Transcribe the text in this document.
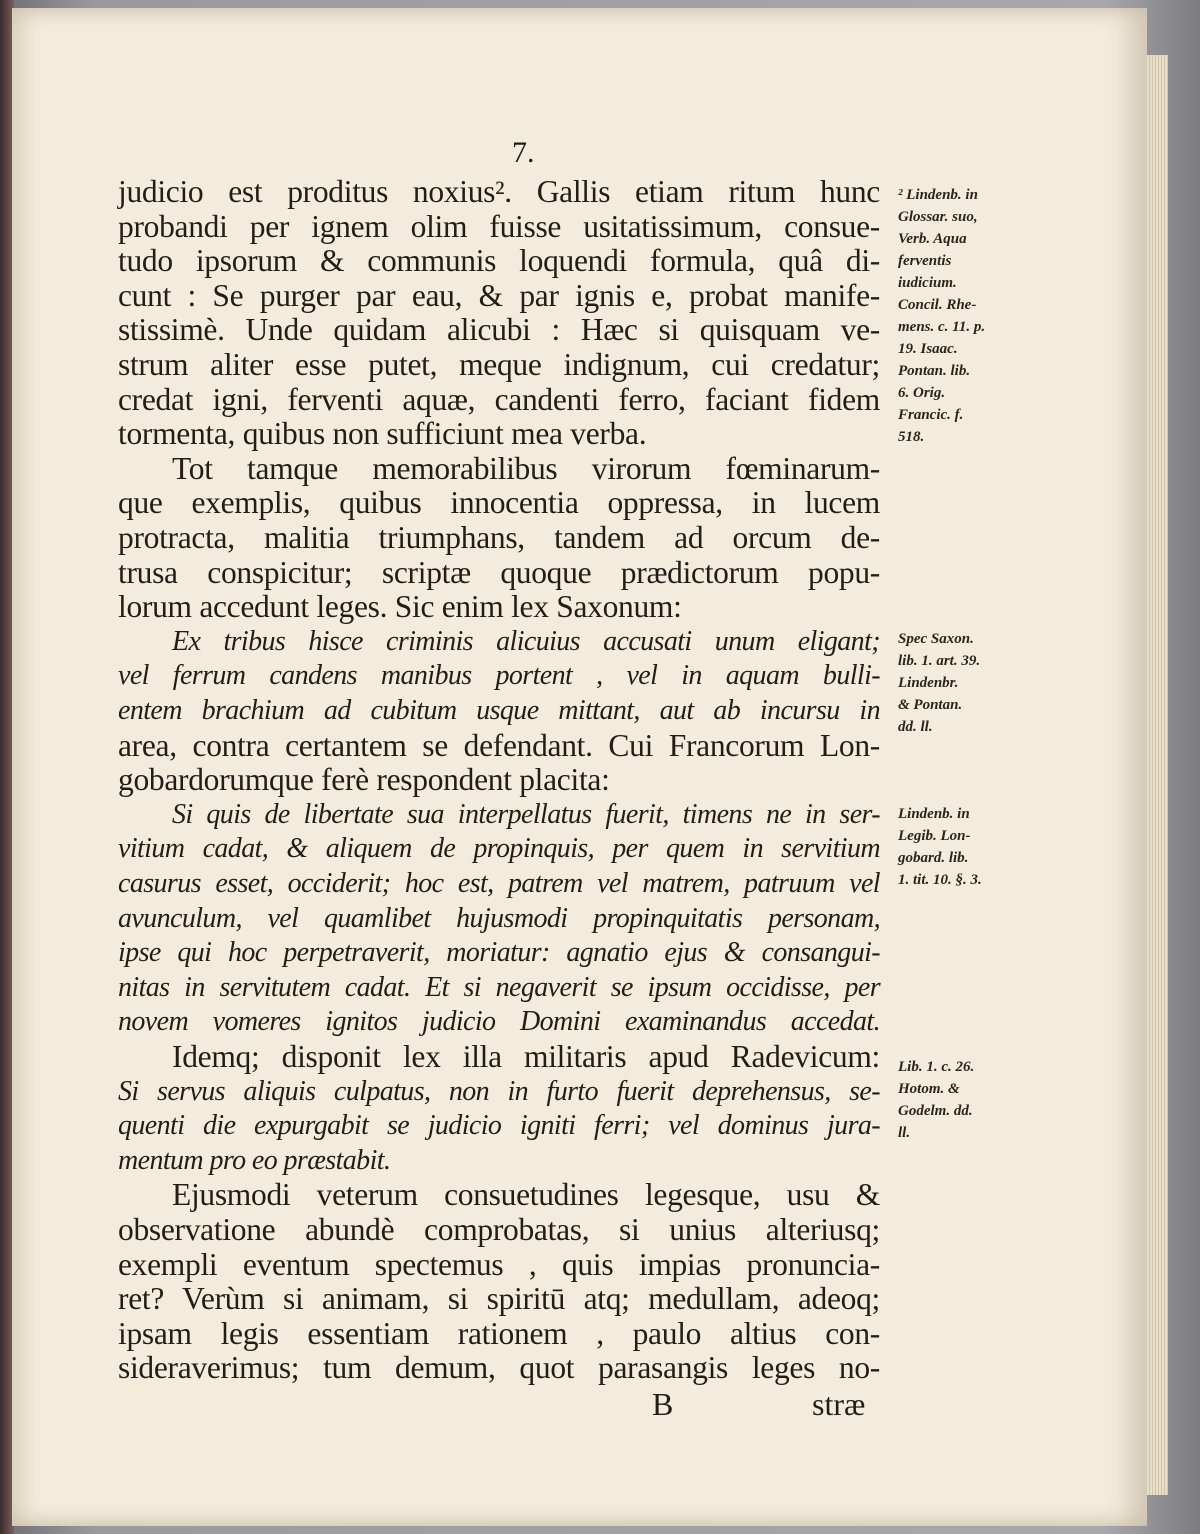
7.
judicio est proditus noxius². Gallis etiam ritum hunc
probandi per ignem olim fuisse usitatissimum, consue-
tudo ipsorum & communis loquendi formula, quâ di-
cunt : Se purger par eau, & par ignis e, probat manife-
stissimè. Unde quidam alicubi : Hæc si quisquam ve-
strum aliter esse putet, meque indignum, cui credatur;
credat igni, ferventi aquæ, candenti ferro, faciant fidem
tormenta, quibus non sufficiunt mea verba.
Tot tamque memorabilibus virorum fœminarum-
que exemplis, quibus innocentia oppressa, in lucem
protracta, malitia triumphans, tandem ad orcum de-
trusa conspicitur; scriptæ quoque prædictorum popu-
lorum accedunt leges. Sic enim lex Saxonum:
Ex tribus hisce criminis alicuius accusati unum eligant;
vel ferrum candens manibus portent , vel in aquam bulli-
entem brachium ad cubitum usque mittant, aut ab incursu in
area, contra certantem se defendant. Cui Francorum Lon-
gobardorumque ferè respondent placita:
Si quis de libertate sua interpellatus fuerit, timens ne in ser-
vitium cadat, & aliquem de propinquis, per quem in servitium
casurus esset, occiderit; hoc est, patrem vel matrem, patruum vel
avunculum, vel quamlibet hujusmodi propinquitatis personam,
ipse qui hoc perpetraverit, moriatur: agnatio ejus & consangui-
nitas in servitutem cadat. Et si negaverit se ipsum occidisse, per
novem vomeres ignitos judicio Domini examinandus accedat.
Idemq; disponit lex illa militaris apud Radevicum:
Si servus aliquis culpatus, non in furto fuerit deprehensus, se-
quenti die expurgabit se judicio igniti ferri; vel dominus jura-
mentum pro eo præstabit.
Ejusmodi veterum consuetudines legesque, usu &
observatione abundè comprobatas, si unius alteriusq;
exempli eventum spectemus , quis impias pronuncia-
ret? Verùm si animam, si spiritū atq; medullam, adeoq;
ipsam legis essentiam rationem , paulo altius con-
sideraverimus; tum demum, quot parasangis leges no-
² Lindenb. in
Glossar. suo,
Verb. Aqua
ferventis
iudicium.
Concil. Rhe-
mens. c. 11. p.
19. Isaac.
Pontan. lib.
6. Orig.
Francic. f.
518.
Spec Saxon.
lib. 1. art. 39.
Lindenbr.
& Pontan.
dd. ll.
Lindenb. in
Legib. Lon-
gobard. lib.
1. tit. 10. §. 3.
Lib. 1. c. 26.
Hotom. &
Godelm. dd.
ll.
B	stræ
